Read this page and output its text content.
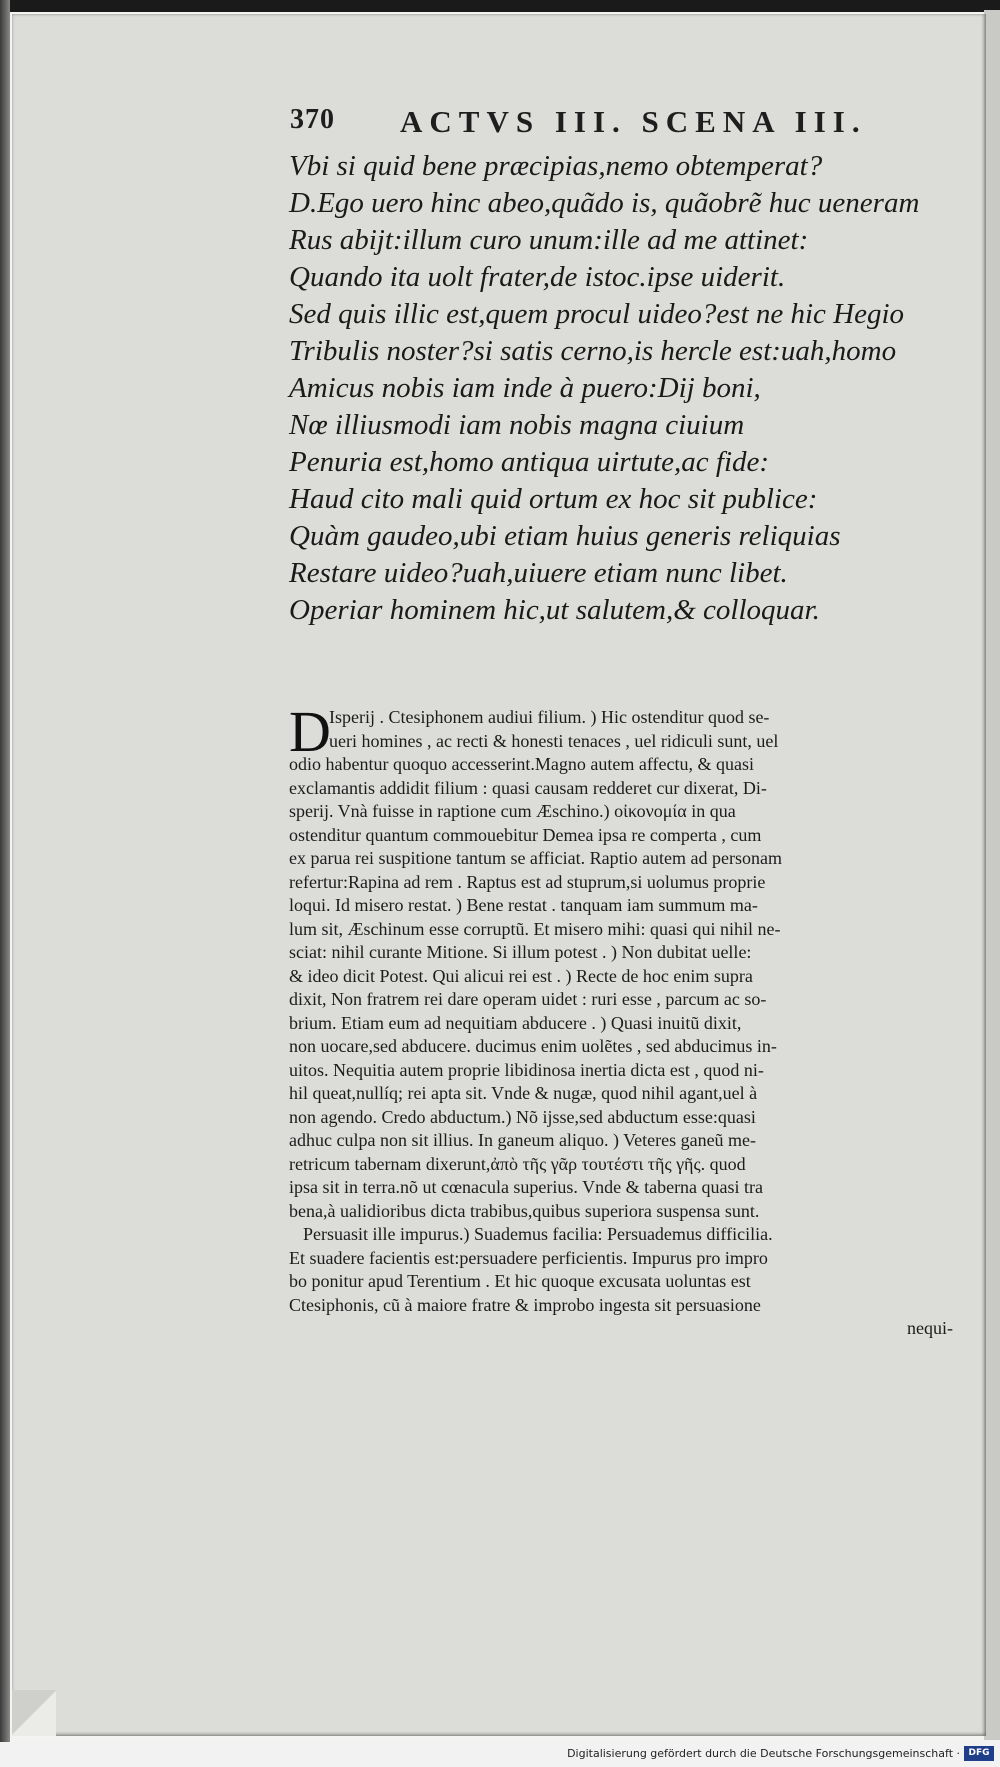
370 ACTVS III. SCENA III.
Vbi si quid bene præcipias,nemo obtemperat?
D.Ego uero hinc abeo,quãdo is, quãobrẽ huc ueneram
Rus abijt:illum curo unum:ille ad me attinet:
Quando ita uolt frater,de istoc.ipse uiderit.
Sed quis illic est,quem procul uideo?est ne hic Hegio
Tribulis noster?si satis cerno,is hercle est:uah,homo
Amicus nobis iam inde à puero:Dij boni,
Nœ illiusmodi iam nobis magna ciuium
Penuria est,homo antiqua uirtute,ac fide:
Haud cito mali quid ortum ex hoc sit publice:
Quàm gaudeo,ubi etiam huius generis reliquias
Restare uideo?uah,uiuere etiam nunc libet.
Operiar hominem hic,ut salutem,& colloquar.
D
Isperij . Ctesiphonem audiui filium. ) Hic ostenditur quod se-
ueri homines , ac recti & honesti tenaces , uel ridiculi sunt, uel
odio habentur quoquo accesserint.Magno autem affectu, & quasi
exclamantis addidit filium : quasi causam redderet cur dixerat, Di-
sperij. Vnà fuisse in raptione cum Æschino.) οἰκονομία in qua
ostenditur quantum commouebitur Demea ipsa re comperta , cum
ex parua rei suspitione tantum se afficiat. Raptio autem ad personam
refertur:Rapina ad rem . Raptus est ad stuprum,si uolumus proprie
loqui. Id misero restat. ) Bene restat . tanquam iam summum ma-
lum sit, Æschinum esse corruptũ. Et misero mihi: quasi qui nihil ne-
sciat: nihil curante Mitione. Si illum potest . ) Non dubitat uelle:
& ideo dicit Potest. Qui alicui rei est . ) Recte de hoc enim supra
dixit, Non fratrem rei dare operam uidet : ruri esse , parcum ac so-
brium. Etiam eum ad nequitiam abducere . ) Quasi inuitũ dixit,
non uocare,sed abducere. ducimus enim uolẽtes , sed abducimus in-
uitos. Nequitia autem proprie libidinosa inertia dicta est , quod ni-
hil queat,nullíq; rei apta sit. Vnde & nugæ, quod nihil agant,uel à
non agendo. Credo abductum.) Nõ ijsse,sed abductum esse:quasi
adhuc culpa non sit illius. In ganeum aliquo. ) Veteres ganeũ me-
retricum tabernam dixerunt,ἀπὸ τῆς γᾶρ τουτέστι τῆς γῆς. quod
ipsa sit in terra.nõ ut cœnacula superius. Vnde & taberna quasi tra
bena,à ualidioribus dicta trabibus,quibus superiora suspensa sunt.
Persuasit ille impurus.) Suademus facilia: Persuademus difficilia.
Et suadere facientis est:persuadere perficientis. Impurus pro impro
bo ponitur apud Terentium . Et hic quoque excusata uoluntas est
Ctesiphonis, cũ à maiore fratre & improbo ingesta sit persuasione
nequi-
Digitalisierung gefördert durch die Deutsche Forschungsgemeinschaft · DFG
